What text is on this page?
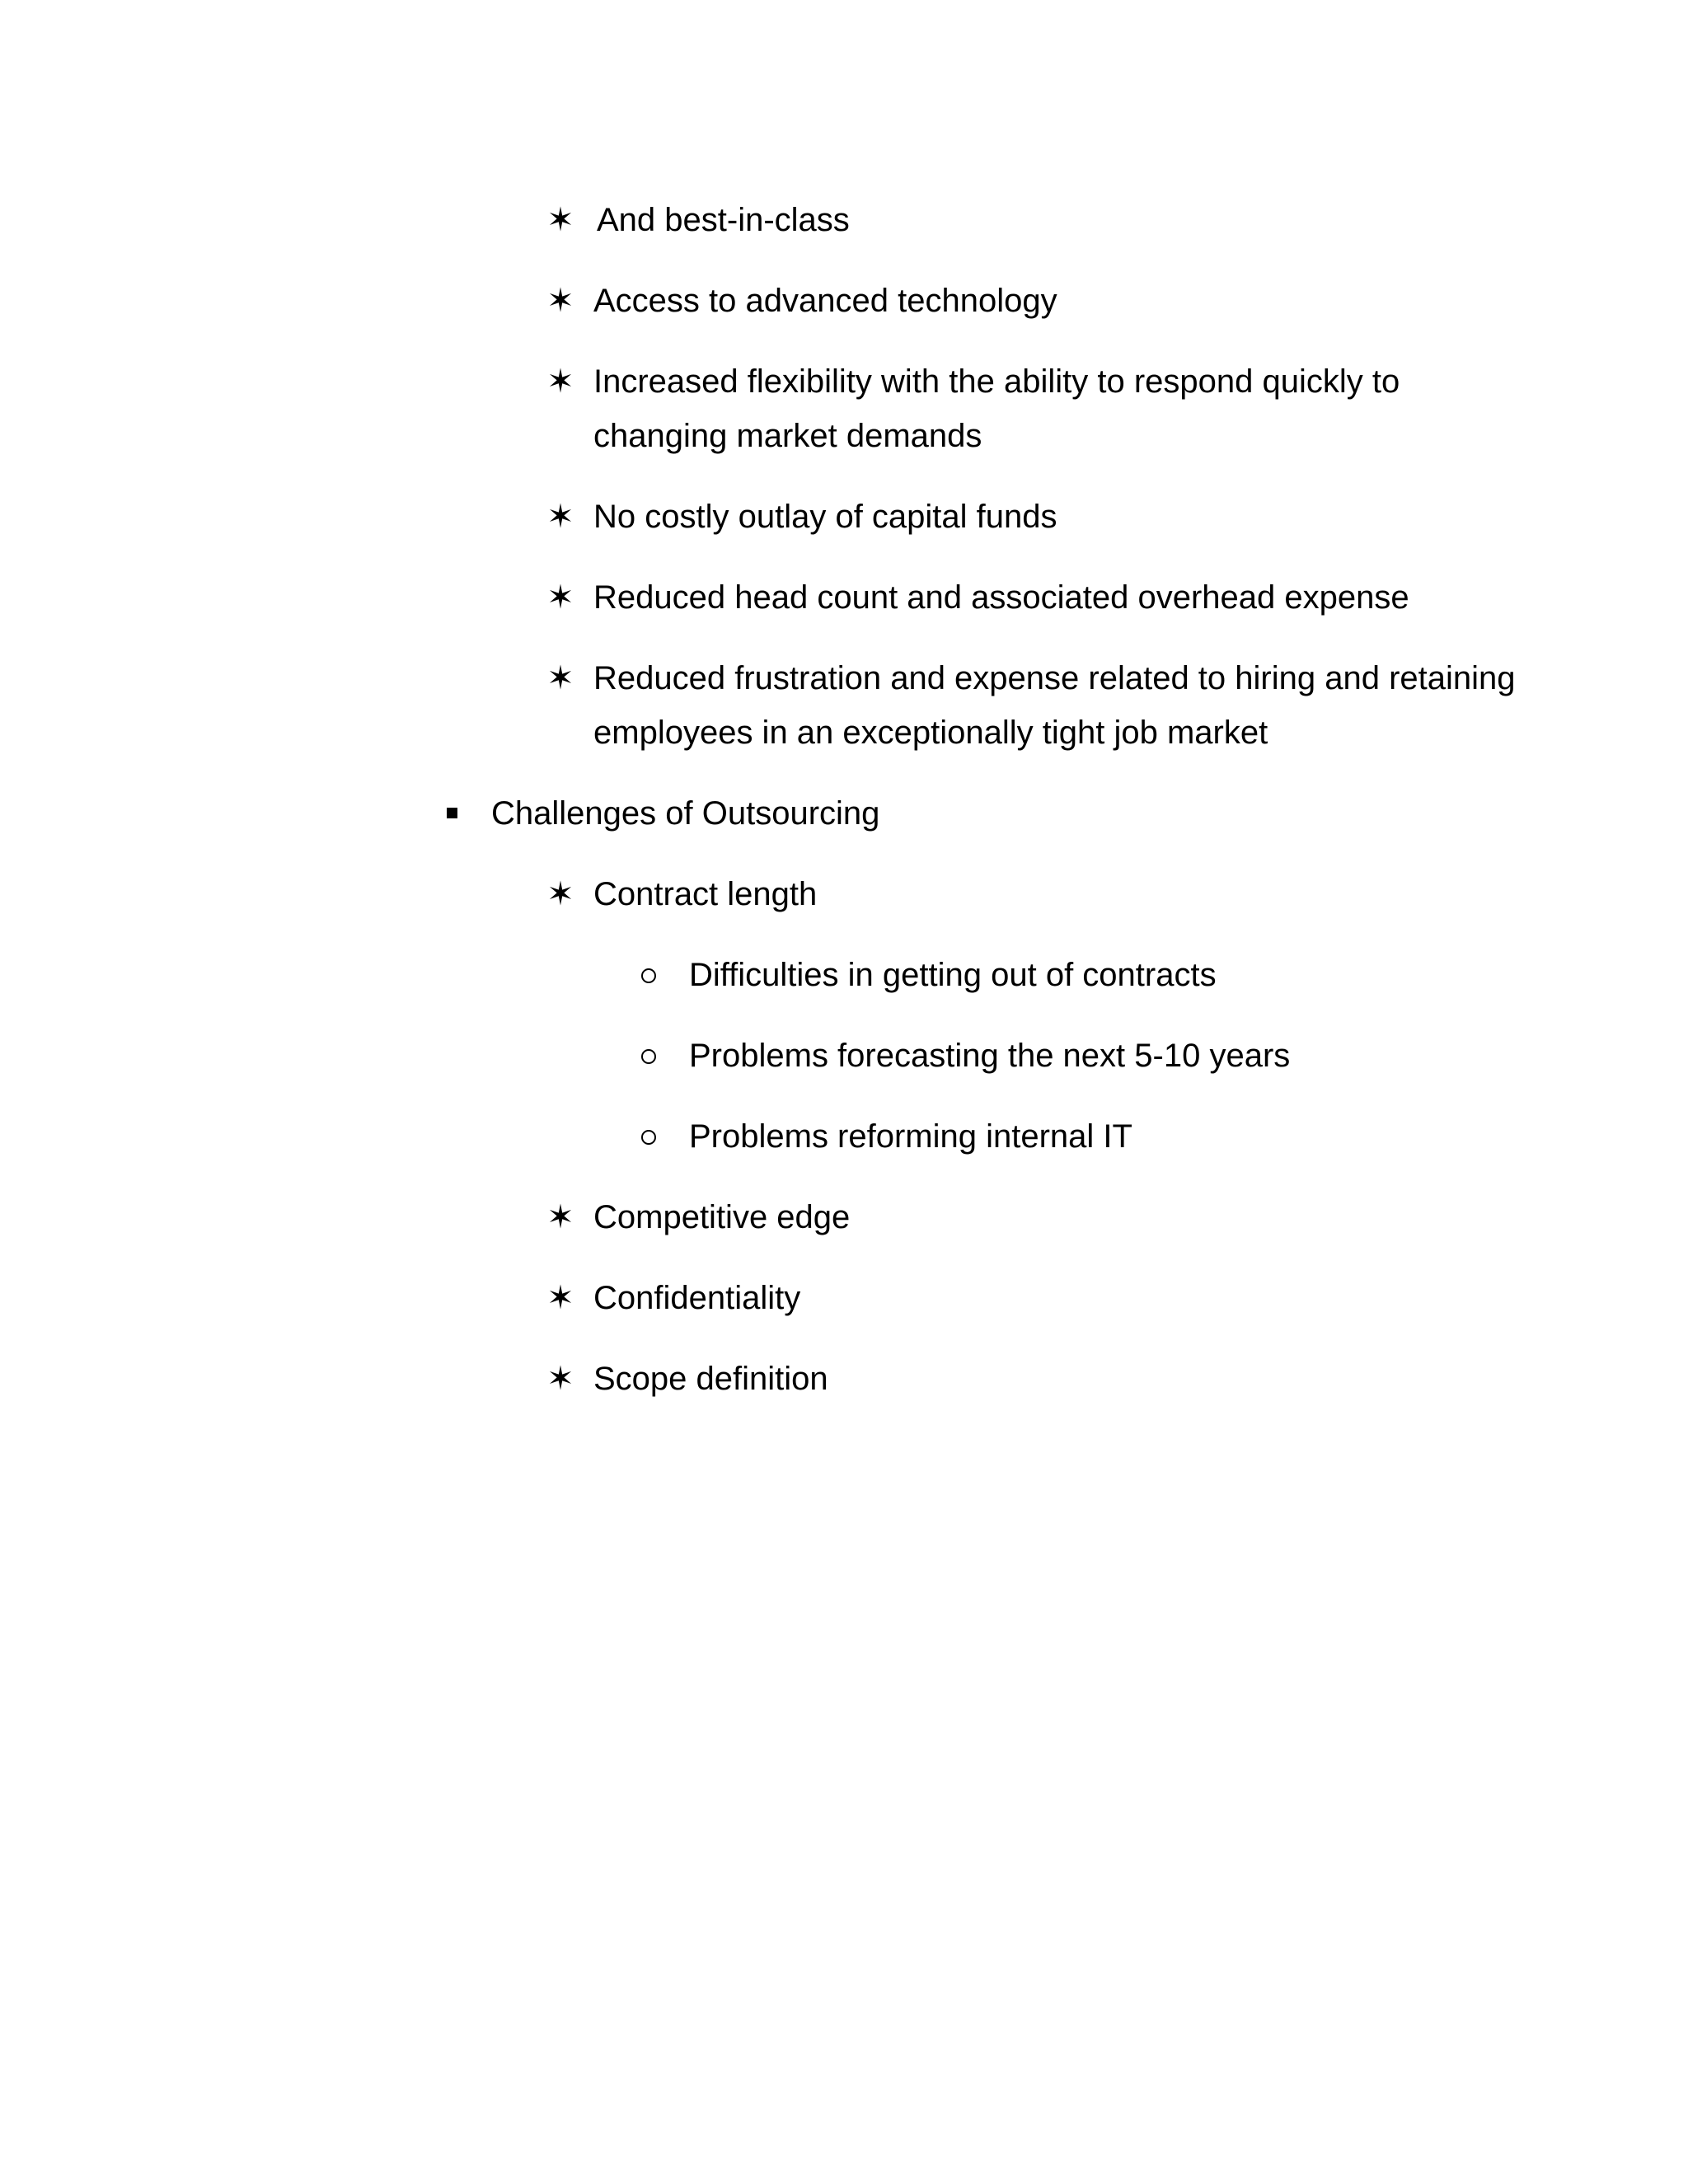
✶ And best-in-class
✶ Access to advanced technology
✶ Increased flexibility with the ability to respond quickly to changing market demands
✶ No costly outlay of capital funds
✶ Reduced head count and associated overhead expense
✶ Reduced frustration and expense related to hiring and retaining employees in an exceptionally tight job market
Challenges of Outsourcing
✶ Contract length
Difficulties in getting out of contracts
Problems forecasting the next 5-10 years
Problems reforming internal IT
✶ Competitive edge
✶ Confidentiality
✶ Scope definition
